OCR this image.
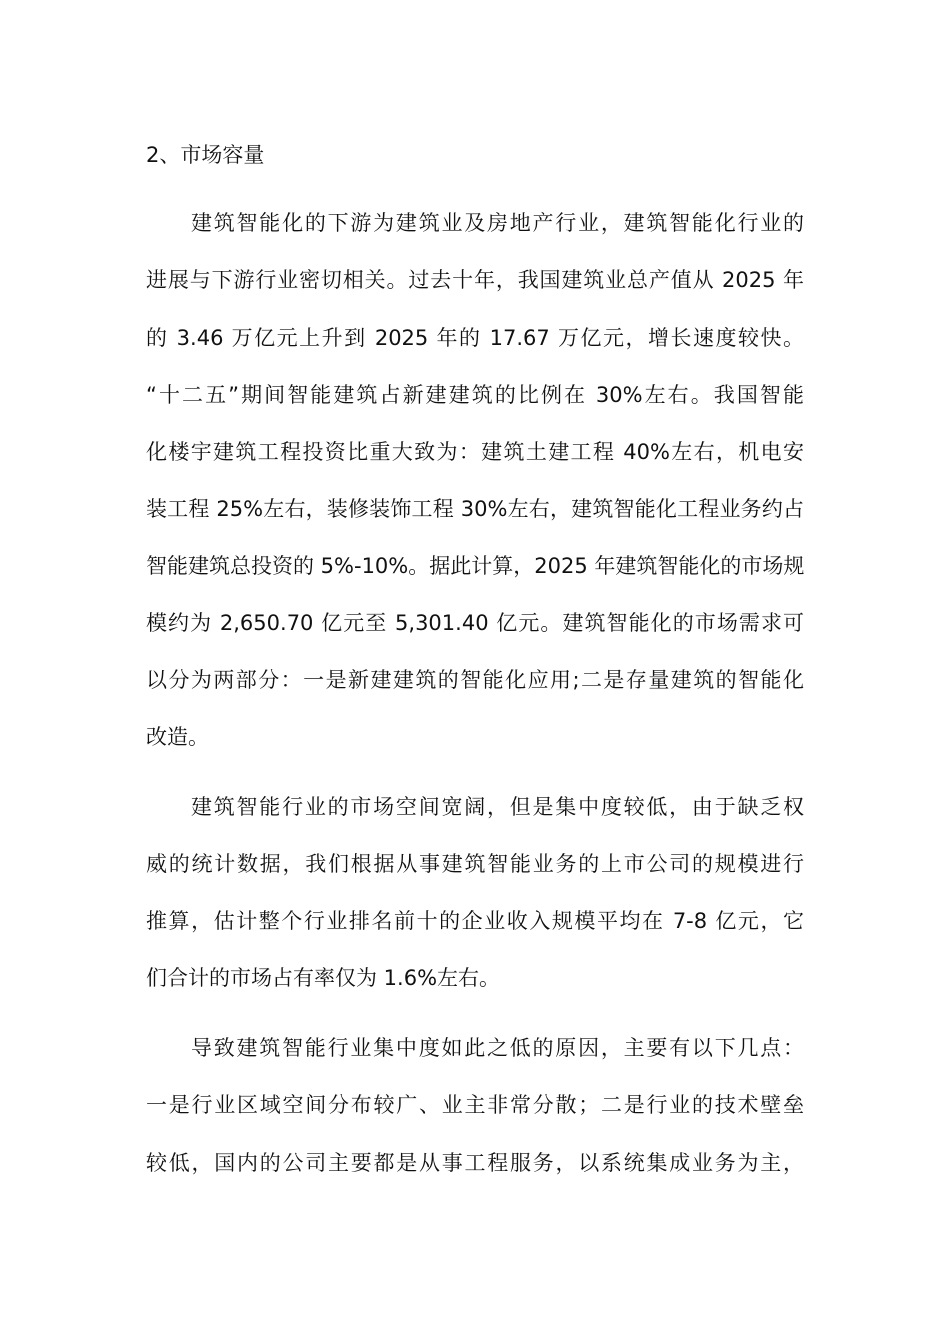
2、市场容量
建筑智能化的下游为建筑业及房地产行业，建筑智能化行业的
进展与下游行业密切相关。过去十年，我国建筑业总产值从 2025 年
的 3.46 万亿元上升到 2025 年的 17.67 万亿元，增长速度较快。
“十二五”期间智能建筑占新建建筑的比例在 30%左右。我国智能
化楼宇建筑工程投资比重大致为：建筑土建工程 40%左右，机电安
装工程 25%左右，装修装饰工程 30%左右，建筑智能化工程业务约占
智能建筑总投资的 5%-10%。据此计算，2025 年建筑智能化的市场规
模约为 2,650.70 亿元至 5,301.40 亿元。建筑智能化的市场需求可
以分为两部分：一是新建建筑的智能化应用;二是存量建筑的智能化
改造。
建筑智能行业的市场空间宽阔，但是集中度较低，由于缺乏权
威的统计数据，我们根据从事建筑智能业务的上市公司的规模进行
推算，估计整个行业排名前十的企业收入规模平均在 7-8 亿元，它
们合计的市场占有率仅为 1.6%左右。
导致建筑智能行业集中度如此之低的原因，主要有以下几点：
一是行业区域空间分布较广、业主非常分散；二是行业的技术壁垒
较低，国内的公司主要都是从事工程服务，以系统集成业务为主，
